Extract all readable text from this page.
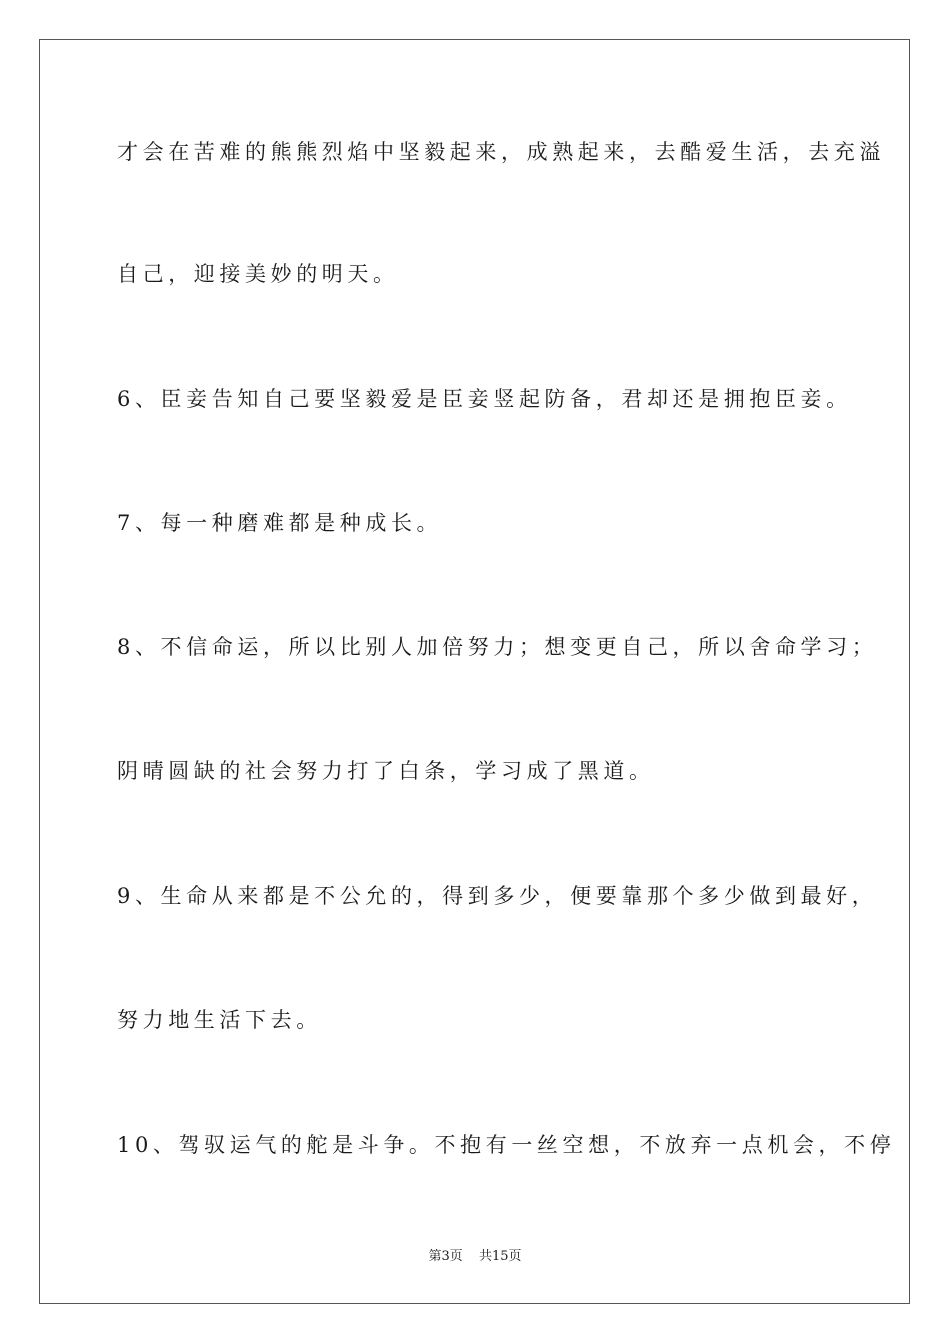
才会在苦难的熊熊烈焰中坚毅起来，成熟起来，去酷爱生活，去充溢
自己，迎接美妙的明天。
6、臣妾告知自己要坚毅爱是臣妾竖起防备，君却还是拥抱臣妾。
7、每一种磨难都是种成长。
8、不信命运，所以比别人加倍努力；想变更自己，所以舍命学习；
阴晴圆缺的社会努力打了白条，学习成了黑道。
9、生命从来都是不公允的，得到多少，便要靠那个多少做到最好，
努力地生活下去。
10、驾驭运气的舵是斗争。不抱有一丝空想，不放弃一点机会，不停
第3页 共15页
